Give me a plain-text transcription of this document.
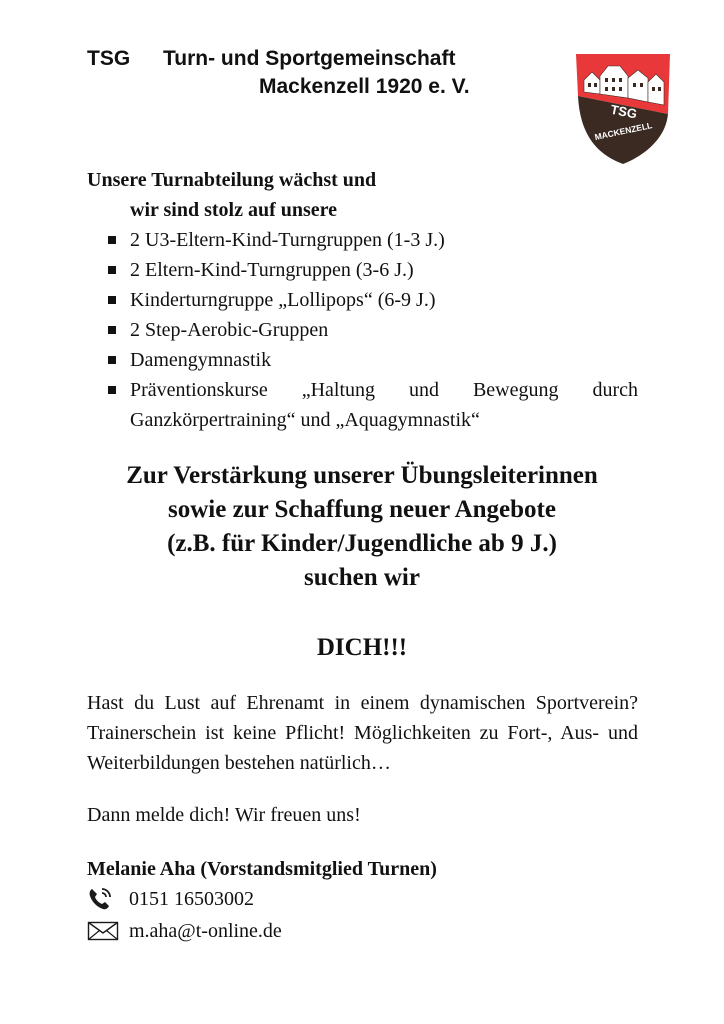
TSG Turn- und Sportgemeinschaft
Mackenzell 1920 e. V.
TSG
MACKENZELL
Unsere Turnabteilung wächst und
wir sind stolz auf unsere
2 U3-Eltern-Kind-Turngruppen (1-3 J.)
2 Eltern-Kind-Turngruppen (3-6 J.)
Kinderturngruppe „Lollipops“ (6-9 J.)
2 Step-Aerobic-Gruppen
Damengymnastik
Präventionskurse „Haltung und Bewegung durch Ganzkörpertraining“ und „Aquagymnastik“
Zur Verstärkung unserer Übungsleiterinnen
sowie zur Schaffung neuer Angebote
(z.B. für Kinder/Jugendliche ab 9 J.)
suchen wir
DICH!!!

Hast du Lust auf Ehrenamt in einem dynamischen Sportverein? Trainerschein ist keine Pflicht! Möglichkeiten zu Fort-, Aus- und Weiterbildungen bestehen natürlich…

Dann melde dich! Wir freuen uns!

Melanie Aha (Vorstandsmitglied Turnen)
0151 16503002
m.aha@t-online.de
